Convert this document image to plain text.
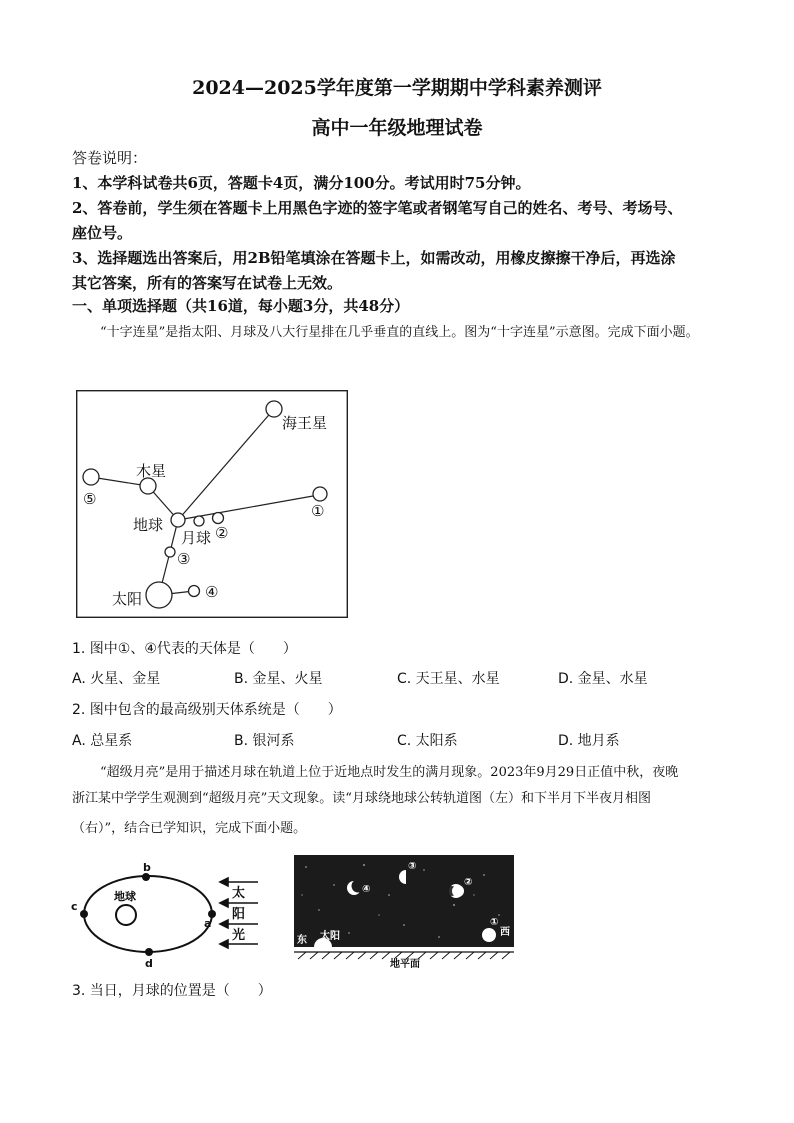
2024—2025学年度第一学期期中学科素养测评
高中一年级地理试卷
答卷说明：
1、本学科试卷共6页，答题卡4页，满分100分。考试用时75分钟。
2、答卷前，学生须在答题卡上用黑色字迹的签字笔或者钢笔写自己的姓名、考号、考场号、
座位号。
3、选择题选出答案后，用2B铅笔填涂在答题卡上，如需改动，用橡皮擦擦干净后，再选涂
其它答案，所有的答案写在试卷上无效。
一、单项选择题（共16道，每小题3分，共48分）
“十字连星”是指太阳、月球及八大行星排在几乎垂直的直线上。图为“十字连星”示意图。完成下面小题。
海王星
木星
地球
月球
太阳
①
②
③
④
⑤
1. 图中①、④代表的天体是（　　）
A. 火星、金星	B. 金星、火星	C. 天王星、水星	D. 金星、水星
2. 图中包含的最高级别天体系统是（　　）
A. 总星系	B. 银河系	C. 太阳系	D. 地月系
“超级月亮”是用于描述月球在轨道上位于近地点时发生的满月现象。2023年9月29日正值中秋，夜晚
浙江某中学学生观测到“超级月亮”天文现象。读“月球绕地球公转轨道图（左）和下半月下半夜月相图
（右）”，结合已学知识，完成下面小题。
地球
a
b
c
d
太
阳
光	东 太阳	西
④
③
②
①
地平面
3. 当日，月球的位置是（　　）
